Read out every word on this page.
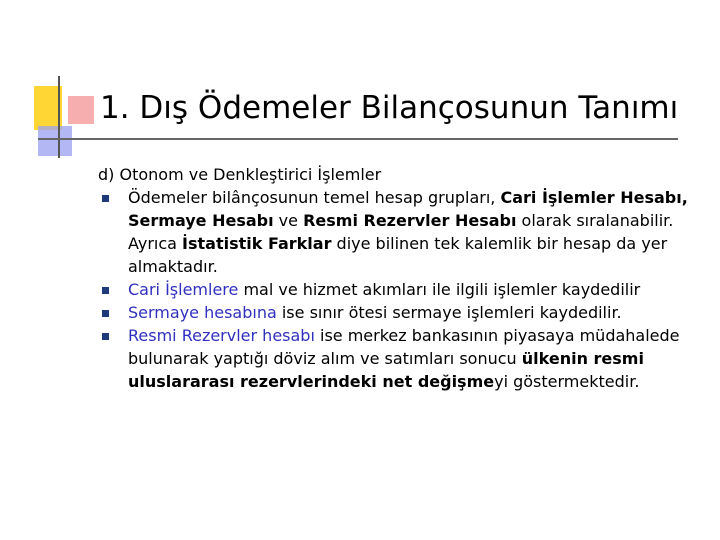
1. Dış Ödemeler Bilançosunun Tanımı

d) Otonom ve Denkleştirici İşlemler

Ödemeler bilânçosunun temel hesap grupları, Cari İşlemler Hesabı, Sermaye Hesabı ve Resmi Rezervler Hesabı olarak sıralanabilir. Ayrıca İstatistik Farklar diye bilinen tek kalemlik bir hesap da yer almaktadır.
Cari İşlemlere mal ve hizmet akımları ile ilgili işlemler kaydedilir
Sermaye hesabına ise sınır ötesi sermaye işlemleri kaydedilir.
Resmi Rezervler hesabı ise merkez bankasının piyasaya müdahalede bulunarak yaptığı döviz alım ve satımları sonucu ülkenin resmi uluslararası rezervlerindeki net değişmeyi göstermektedir.
